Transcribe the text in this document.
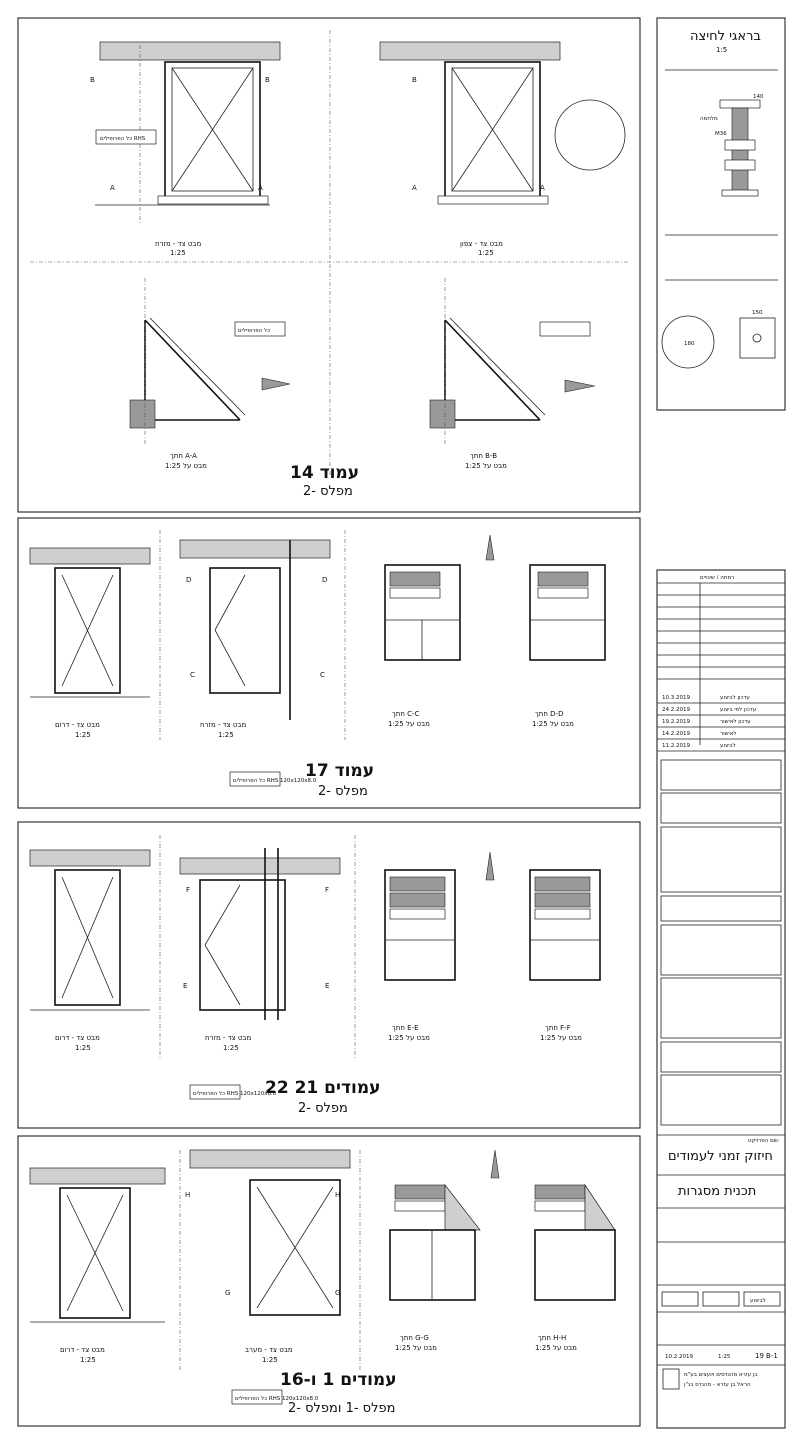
B	B
A	A
כל הפרופילים RHS
מבט צד - מזרח
1:25
B
A	A
מבט צד - צפון
1:25
כל הפרופילים
חתך A-A
מבט על 1:25
חתך B-B
מבט על 1:25
עמוד 14
מפלס -2
מבט צד - דרום
1:25
D	D
C	C
מבט צד - מזרח
1:25
חתך C-C
מבט על 1:25
חתך D-D
מבט על 1:25
כל הפרופילים RHS 120x120x8.0
עמוד 17
מפלס -2
מבט צד - דרום
1:25
F	F
E	E
מבט צד - מזרח
1:25
חתך E-E
מבט על 1:25
חתך F-F
מבט על 1:25
כל הפרופילים RHS 120x120x8.0
עמודים 21 22
מפלס -2
מבט צד - דרום
1:25
H	H
G	G
מבט צד - מערב
1:25
חתך G-G
מבט על 1:25
חתך H-H
מבט על 1:25
כל הפרופילים RHS 120x120x8.0
עמודים 1 ו-16
מפלס -1 ומפלס -2
בראגי לחיצה
1:5
180
150
M36
מלחמה
140
רמתה / שינויים
10.3.2019	עדכון לביצוע
24.2.2019	עדכון לפי ביצוע
19.2.2019	עדכון לאישור
14.2.2019	לאישור
11.2.2019	לביצוע
שם הפרויקט:
חיזוק זמני לעמודים
תכנית מסגרות
לביצוע
10.2.2019	1:25	19 B-1
בן עזרא מהנדסים ויועצים בע"מ
הראל בן עזרא - מהנדס בנ"ן
